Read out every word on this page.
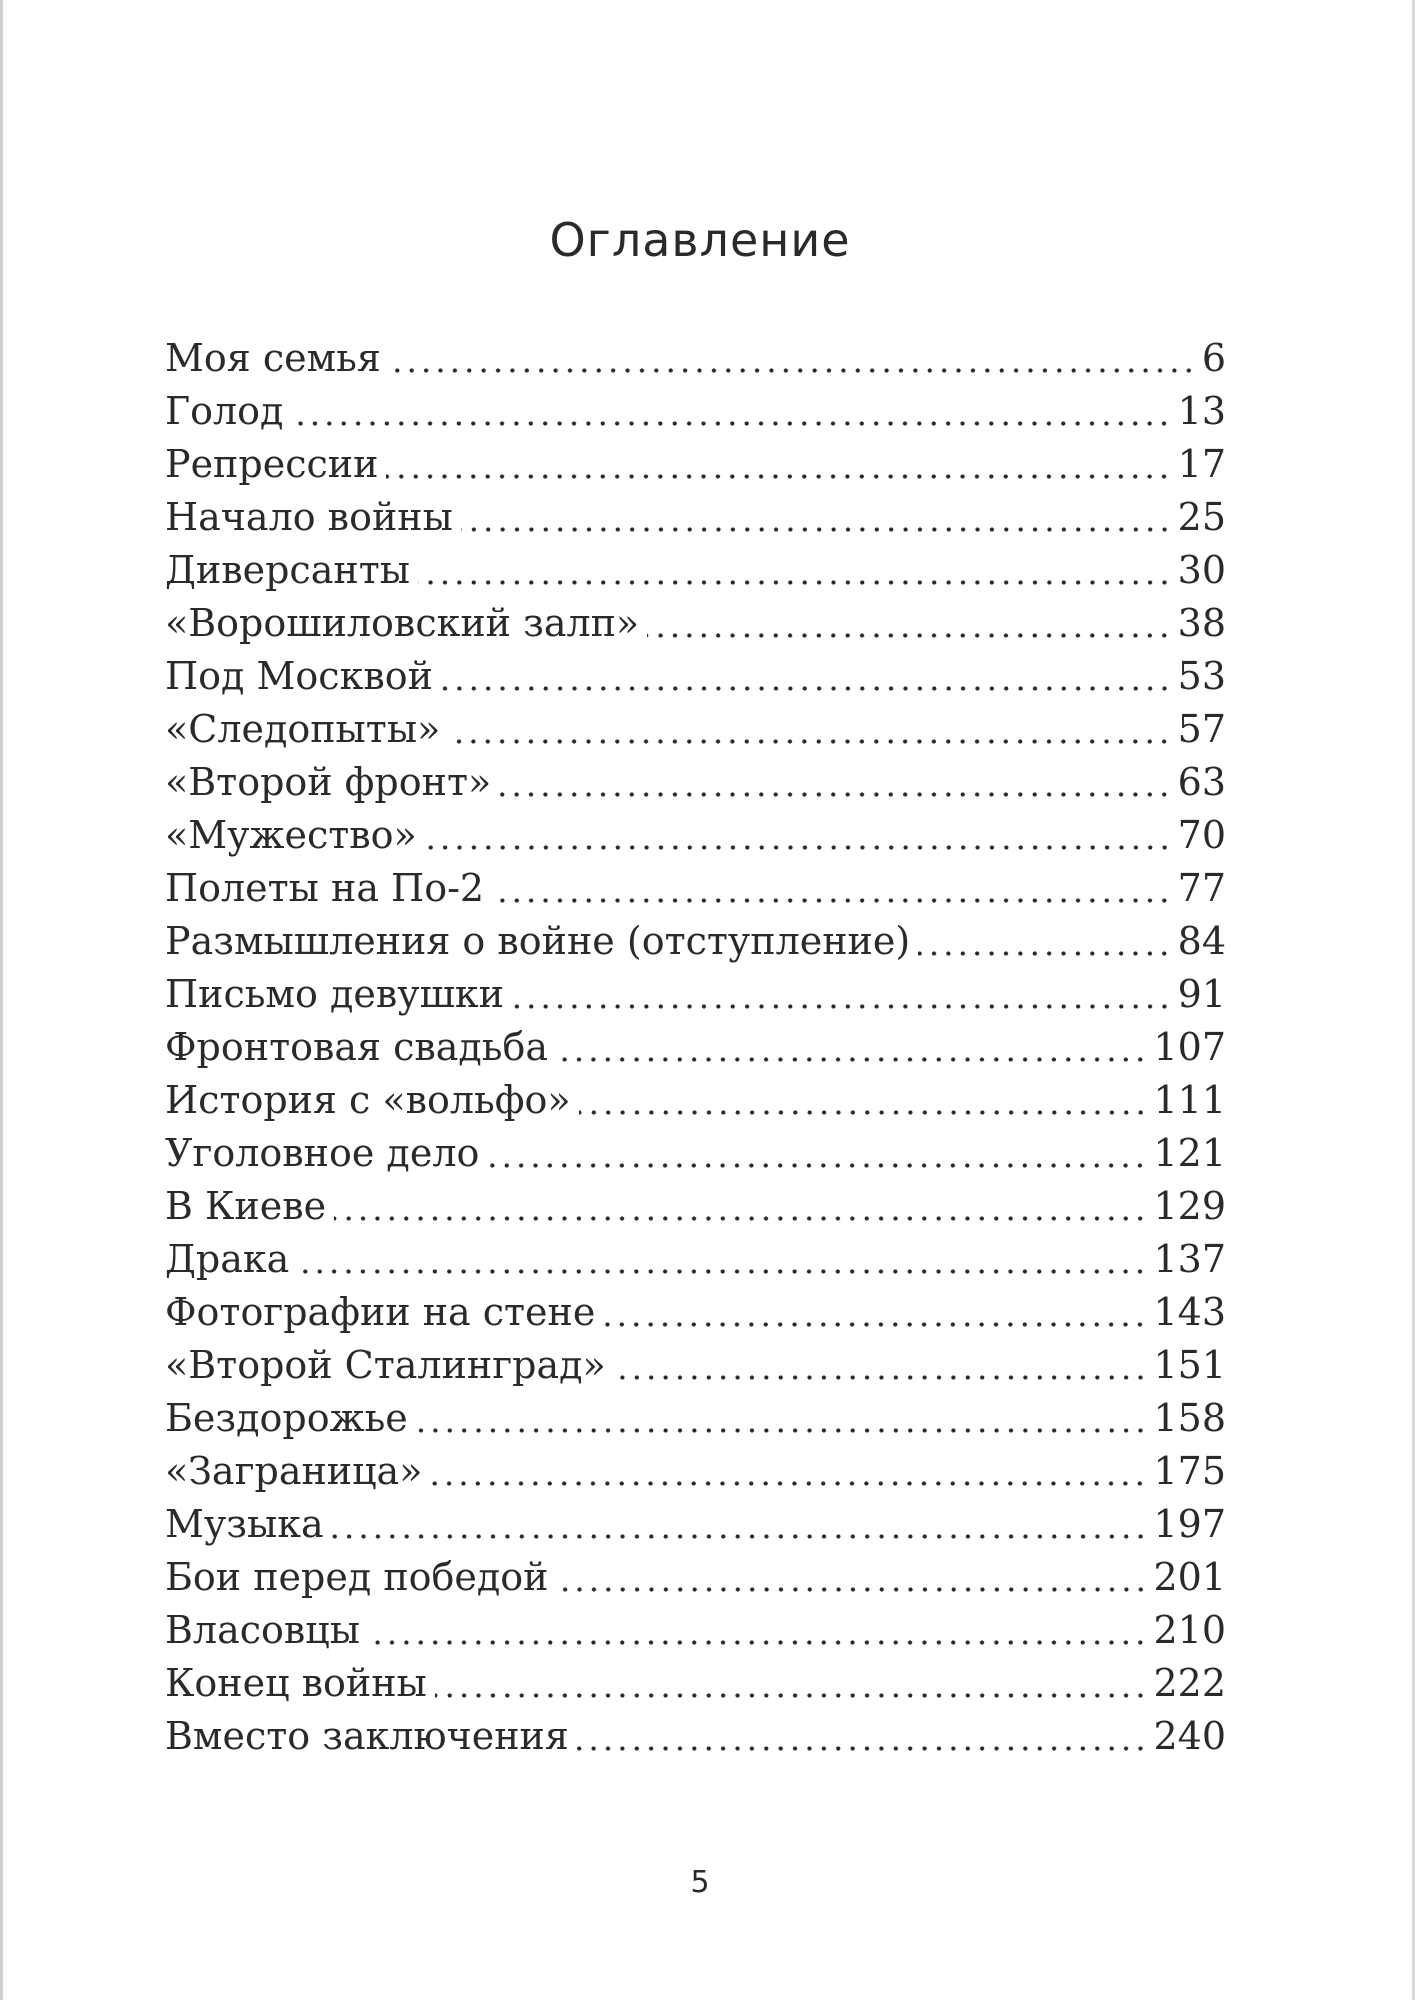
Оглавление
Моя семья	6
Голод	13
Репрессии	17
Начало войны	25
Диверсанты	30
«Ворошиловский залп»	38
Под Москвой	53
«Следопыты»	57
«Второй фронт»	63
«Мужество»	70
Полеты на По-2	77
Размышления о войне (отступление)	84
Письмо девушки	91
Фронтовая свадьба	107
История с «вольфо»	111
Уголовное дело	121
В Киеве	129
Драка	137
Фотографии на стене	143
«Второй Сталинград»	151
Бездорожье	158
«Заграница»	175
Музыка	197
Бои перед победой	201
Власовцы	210
Конец войны	222
Вместо заключения	240
5
